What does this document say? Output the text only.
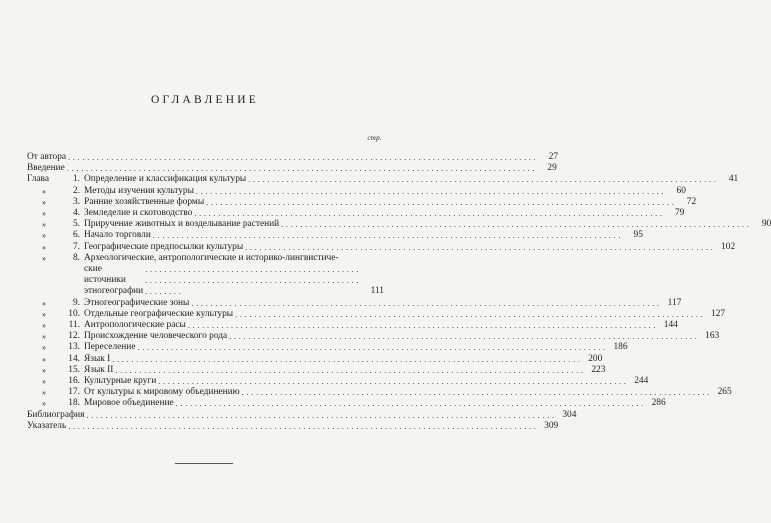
ОГЛАВЛЕНИЕ
стр.
От автора . . .	27
Введение . . .	29
Глава	1. Определение и классификация культуры . . .	41
»	2. Методы изучения культуры . . .	60
»	3. Ранние хозяйственные формы . . .	72
»	4. Земледелие и скотоводство . . .	79
»	5. Приручение животных и возделывание растений . . .	90
»	6. Начало торговли . . .	95
»	7. Географические предпосылки культуры . . .	102
»	8. Археологические, антропологические и историко-лингвистиче-
ские источники этногеографии . . .	111
»	9. Этногеографические зоны . . .	117
»	10. Отдельные географические культуры . . .	127
»	11. Антропологические расы . . .	144
»	12. Происхождение человеческого рода . . .	163
»	13. Переселение . . .	186
»	14. Язык I . . .	200
»	15. Язык II . . .	223
»	16. Культурные круги . . .	244
»	17. От культуры к мировому объединению . . .	265
»	18. Мировое объединение . . .	286
Библиография . . .	304
Указатель . . .	309
